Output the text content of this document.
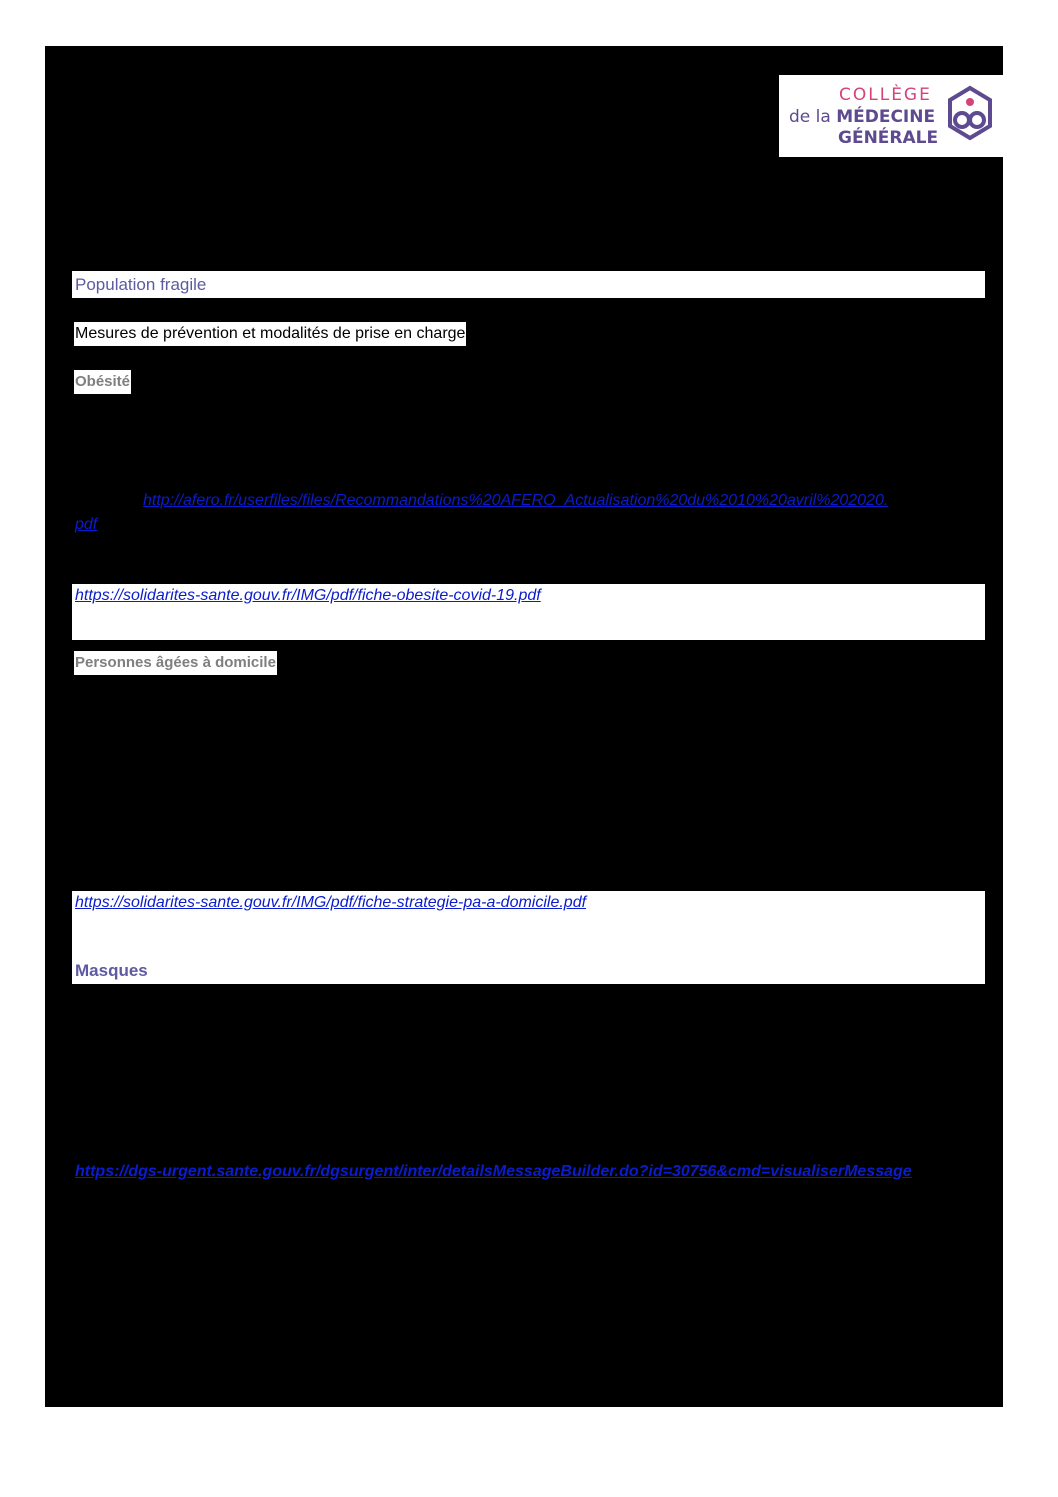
COLLÈGE
de la MÉDECINE
GÉNÉRALE
Population fragile
Mesures de prévention et modalités de prise en charge
Obésité
http://afero.fr/userfiles/files/Recommandations%20AFERO_Actualisation%20du%2010%20avril%202020.
pdf
https://solidarites-sante.gouv.fr/IMG/pdf/fiche-obesite-covid-19.pdf
Personnes âgées à domicile
https://solidarites-sante.gouv.fr/IMG/pdf/fiche-strategie-pa-a-domicile.pdf
Masques
https://dgs-urgent.sante.gouv.fr/dgsurgent/inter/detailsMessageBuilder.do?id=30756&cmd=visualiserMessage
